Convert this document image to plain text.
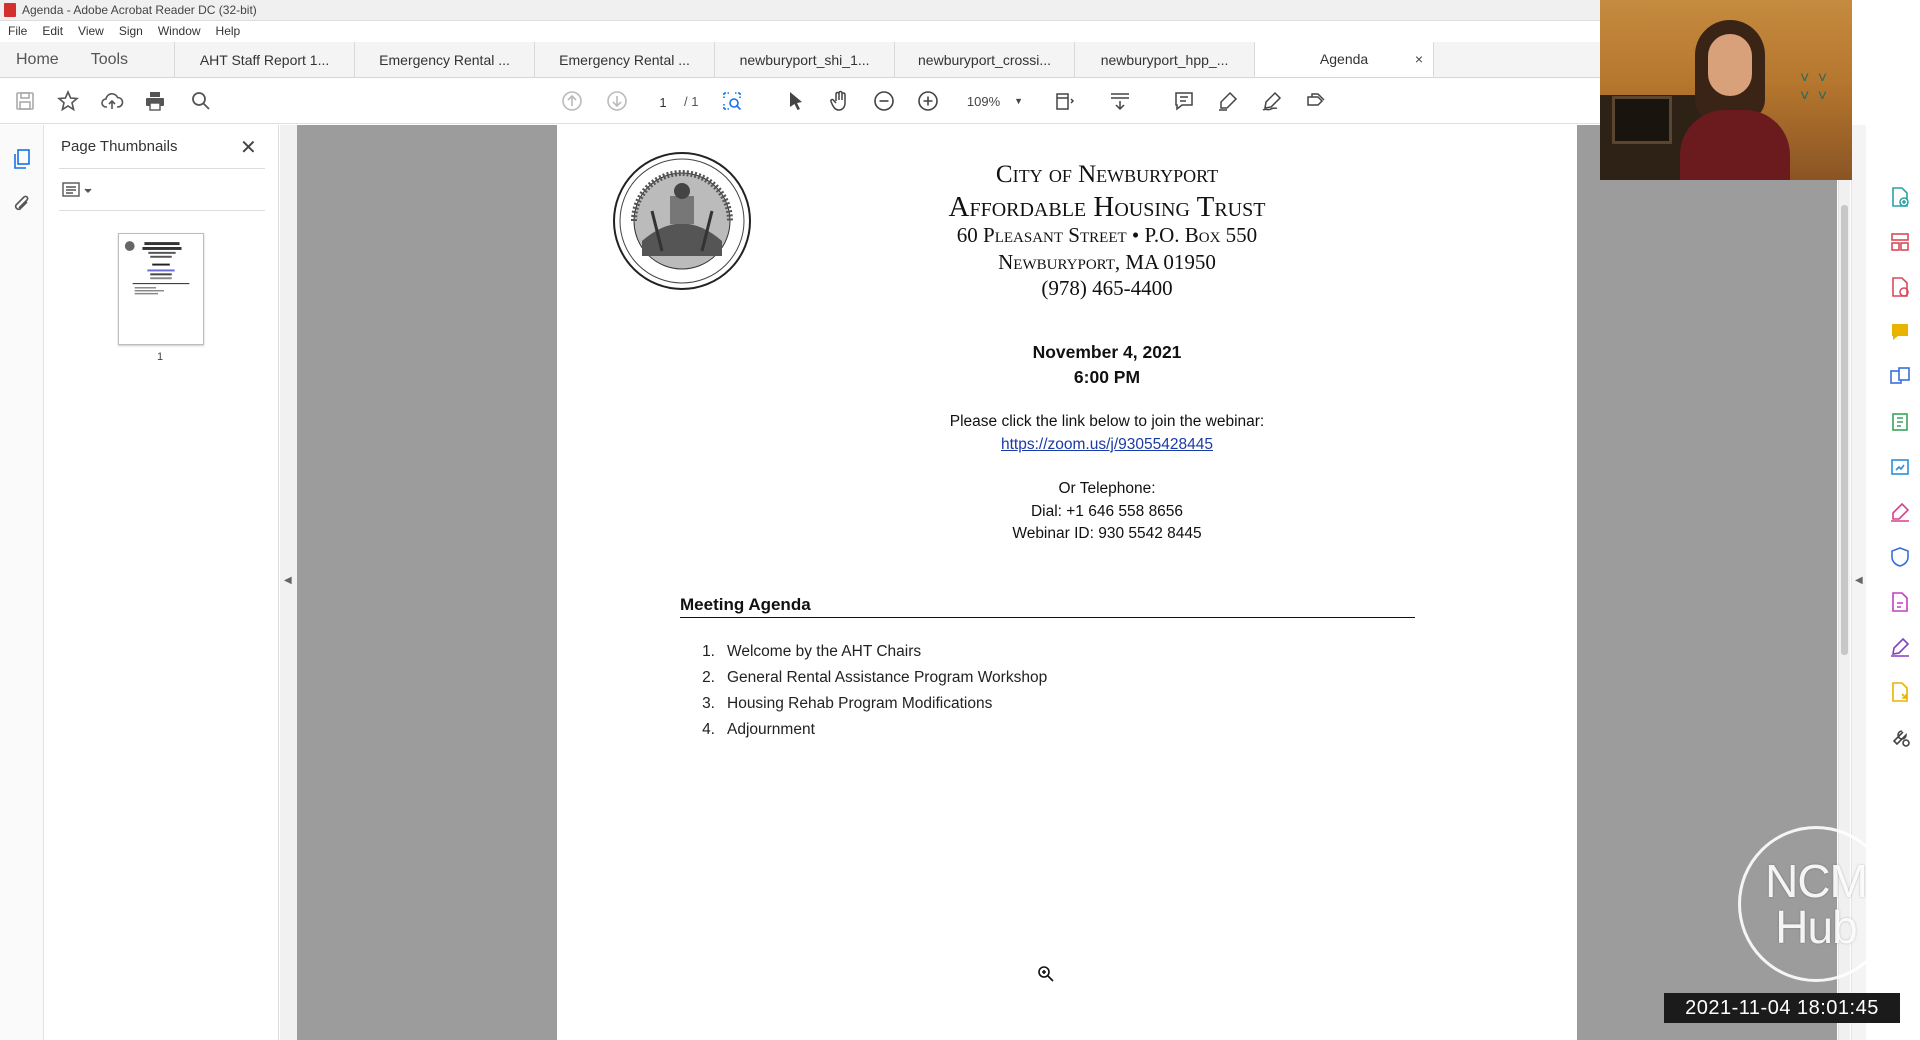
Agenda - Adobe Acrobat Reader DC (32-bit)
File Edit View Sign Window Help
Home	Tools	AHT Staff Report 1...	Emergency Rental ...	Emergency Rental ...	newburyport_shi_1...	newburyport_crossi...	newburyport_hpp_...	Agenda	×
1
/ 1	109% ▼
Page Thumbnails	✕
1
◀
City of Newburyport
Affordable Housing Trust
60 Pleasant Street • P.O. Box 550
Newburyport, MA 01950
(978) 465-4400
November 4, 2021
6:00 PM
Please click the link below to join the webinar:
https://zoom.us/j/93055428445
Or Telephone:
Dial: +1 646 558 8656
Webinar ID: 930 5542 8445
Meeting Agenda
1. Welcome by the AHT Chairs
2. General Rental Assistance Program Workshop
3. Housing Rehab Program Modifications
4. Adjournment
◀
˅ ˅
˅ ˅
NCM
Hub
2021-11-04 18:01:45
